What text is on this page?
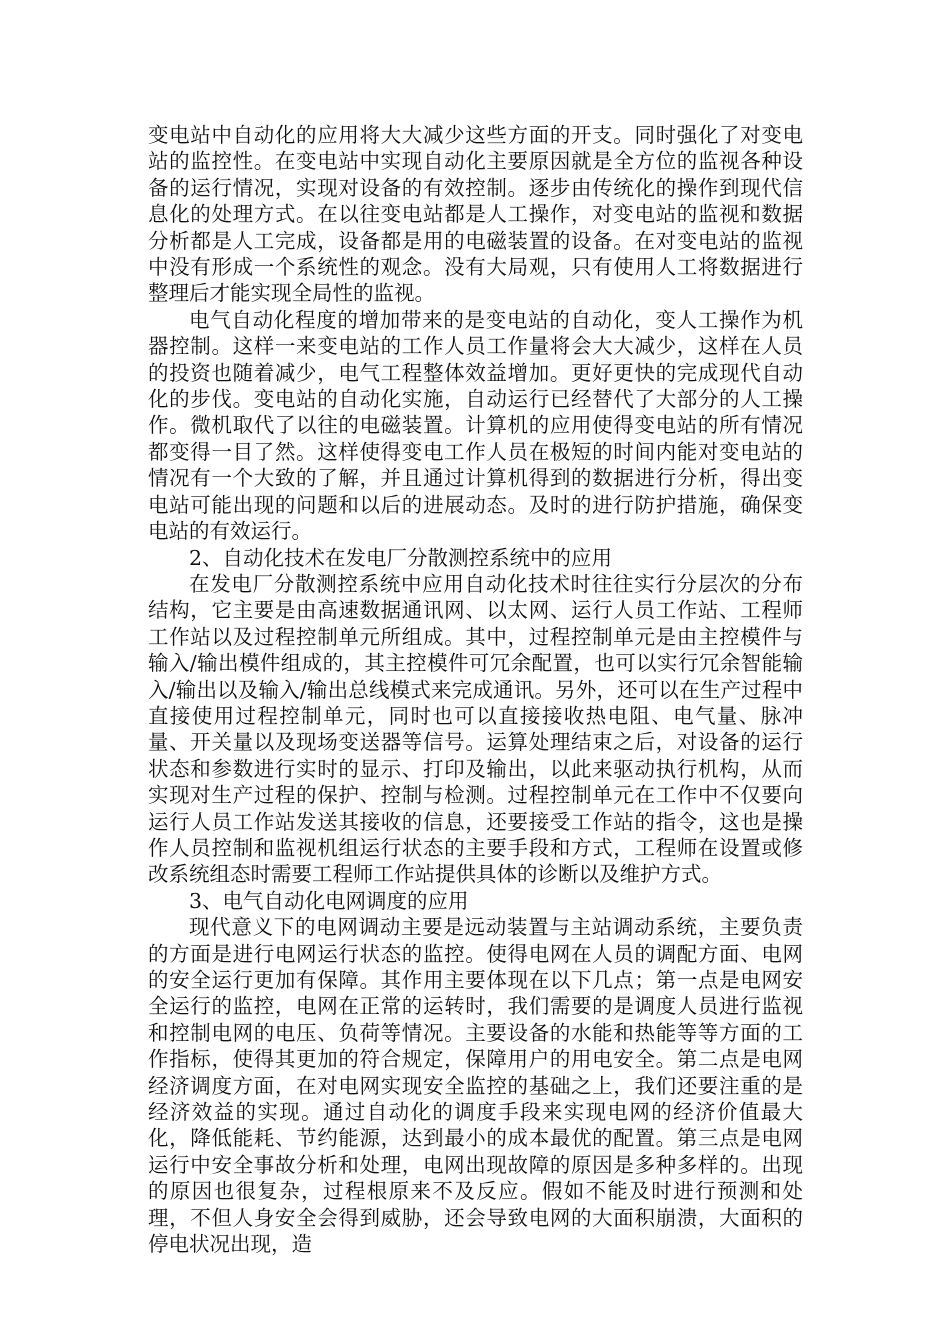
变电站中自动化的应用将大大减少这些方面的开支。同时强化了对变电站的监控性。在变电站中实现自动化主要原因就是全方位的监视各种设备的运行情况，实现对设备的有效控制。逐步由传统化的操作到现代信息化的处理方式。在以往变电站都是人工操作，对变电站的监视和数据分析都是人工完成，设备都是用的电磁装置的设备。在对变电站的监视中没有形成一个系统性的观念。没有大局观，只有使用人工将数据进行整理后才能实现全局性的监视。

电气自动化程度的增加带来的是变电站的自动化，变人工操作为机器控制。这样一来变电站的工作人员工作量将会大大减少，这样在人员的投资也随着减少，电气工程整体效益增加。更好更快的完成现代自动化的步伐。变电站的自动化实施，自动运行已经替代了大部分的人工操作。微机取代了以往的电磁装置。计算机的应用使得变电站的所有情况都变得一目了然。这样使得变电工作人员在极短的时间内能对变电站的情况有一个大致的了解，并且通过计算机得到的数据进行分析，得出变电站可能出现的问题和以后的进展动态。及时的进行防护措施，确保变电站的有效运行。

2、自动化技术在发电厂分散测控系统中的应用

在发电厂分散测控系统中应用自动化技术时往往实行分层次的分布结构，它主要是由高速数据通讯网、以太网、运行人员工作站、工程师工作站以及过程控制单元所组成。其中，过程控制单元是由主控模件与输入/输出模件组成的，其主控模件可冗余配置，也可以实行冗余智能输入/输出以及输入/输出总线模式来完成通讯。另外，还可以在生产过程中直接使用过程控制单元，同时也可以直接接收热电阻、电气量、脉冲量、开关量以及现场变送器等信号。运算处理结束之后，对设备的运行状态和参数进行实时的显示、打印及输出，以此来驱动执行机构，从而实现对生产过程的保护、控制与检测。过程控制单元在工作中不仅要向运行人员工作站发送其接收的信息，还要接受工作站的指令，这也是操作人员控制和监视机组运行状态的主要手段和方式，工程师在设置或修改系统组态时需要工程师工作站提供具体的诊断以及维护方式。

3、电气自动化电网调度的应用

现代意义下的电网调动主要是远动装置与主站调动系统，主要负责的方面是进行电网运行状态的监控。使得电网在人员的调配方面、电网的安全运行更加有保障。其作用主要体现在以下几点；第一点是电网安全运行的监控，电网在正常的运转时，我们需要的是调度人员进行监视和控制电网的电压、负荷等情况。主要设备的水能和热能等等方面的工作指标，使得其更加的符合规定，保障用户的用电安全。第二点是电网经济调度方面，在对电网实现安全监控的基础之上，我们还要注重的是经济效益的实现。通过自动化的调度手段来实现电网的经济价值最大化，降低能耗、节约能源，达到最小的成本最优的配置。第三点是电网运行中安全事故分析和处理，电网出现故障的原因是多种多样的。出现的原因也很复杂，过程根原来不及反应。假如不能及时进行预测和处理，不但人身安全会得到威胁，还会导致电网的大面积崩溃，大面积的停电状况出现，造
